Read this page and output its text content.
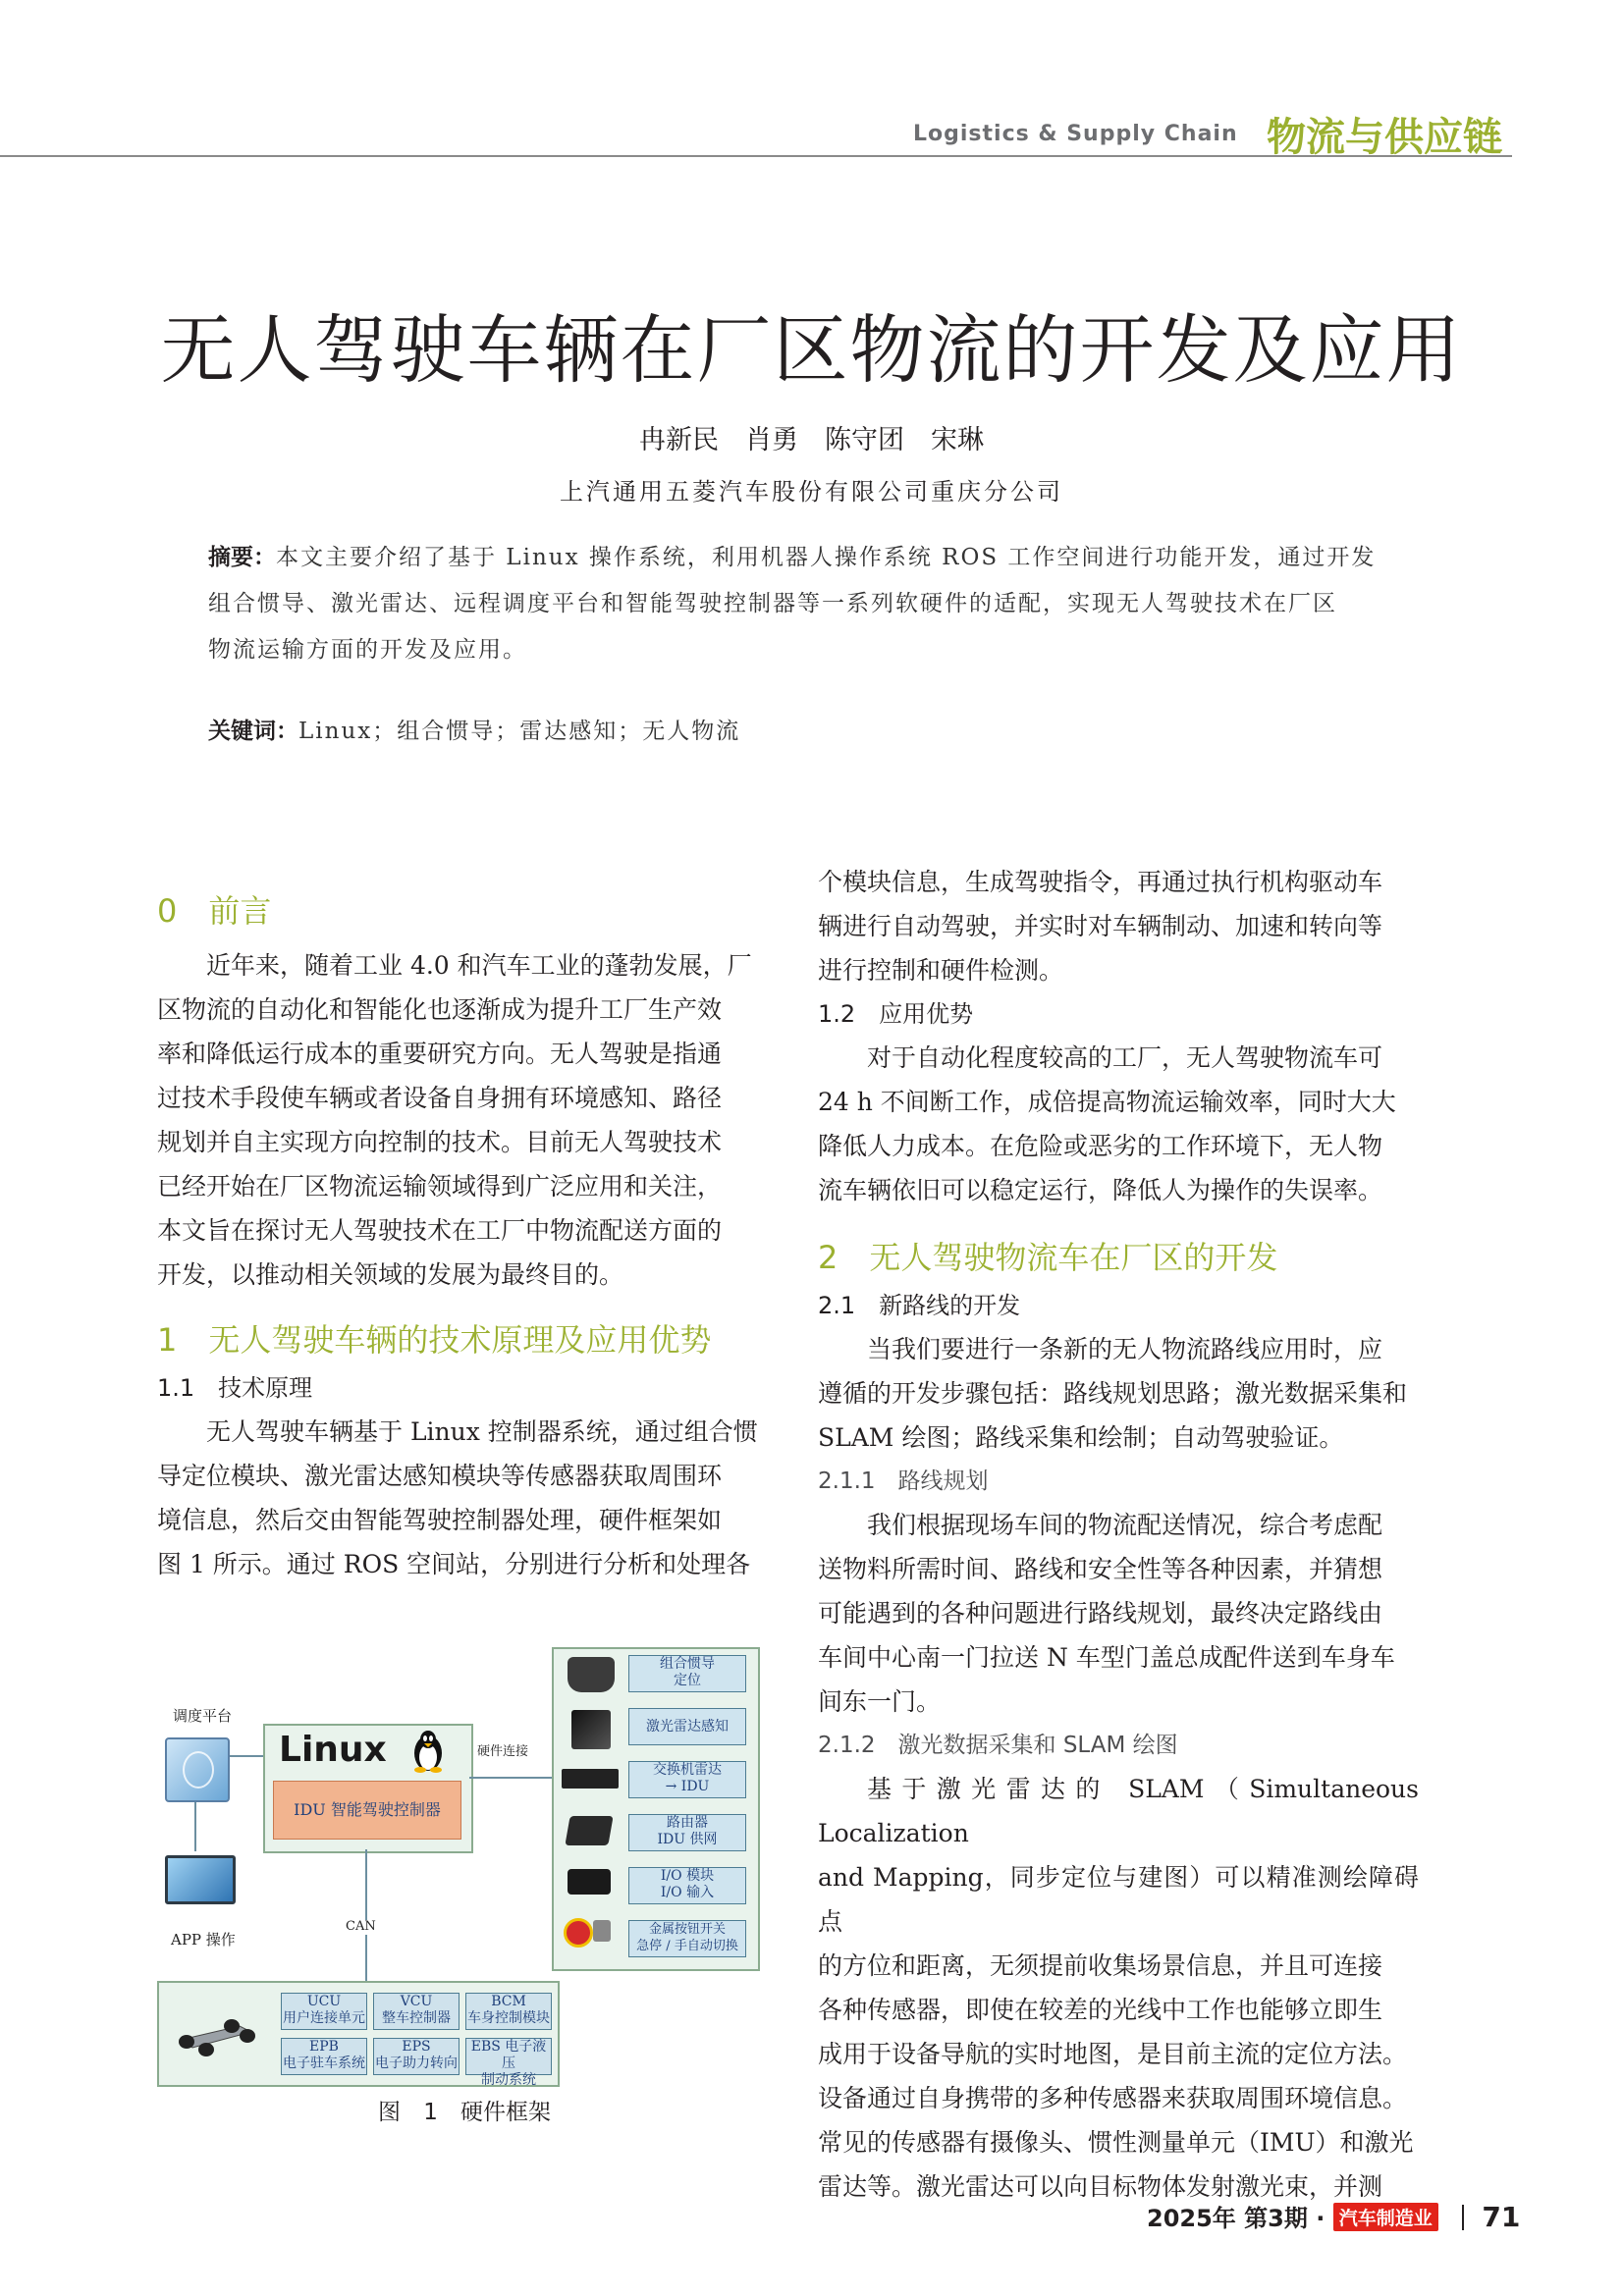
Logistics & Supply Chain 物流与供应链
无人驾驶车辆在厂区物流的开发及应用
冉新民　肖勇　陈守团　宋琳
上汽通用五菱汽车股份有限公司重庆分公司
摘要：本文主要介绍了基于 Linux 操作系统，利用机器人操作系统 ROS 工作空间进行功能开发，通过开发
组合惯导、激光雷达、远程调度平台和智能驾驶控制器等一系列软硬件的适配，实现无人驾驶技术在厂区
物流运输方面的开发及应用。
关键词：Linux；组合惯导；雷达感知；无人物流
0　前言

近年来，随着工业 4.0 和汽车工业的蓬勃发展，厂

区物流的自动化和智能化也逐渐成为提升工厂生产效

率和降低运行成本的重要研究方向。无人驾驶是指通

过技术手段使车辆或者设备自身拥有环境感知、路径

规划并自主实现方向控制的技术。目前无人驾驶技术

已经开始在厂区物流运输领域得到广泛应用和关注，

本文旨在探讨无人驾驶技术在工厂中物流配送方面的

开发，以推动相关领域的发展为最终目的。

1　无人驾驶车辆的技术原理及应用优势
1.1　技术原理

无人驾驶车辆基于 Linux 控制器系统，通过组合惯

导定位模块、激光雷达感知模块等传感器获取周围环

境信息，然后交由智能驾驶控制器处理，硬件框架如

图 1 所示。通过 ROS 空间站，分别进行分析和处理各

调度平台
APP 操作
Linux
IDU 智能驾驶控制器
硬件连接
组合惯导
定位
激光雷达感知
交换机雷达
→ IDU
路由器
IDU 供网
I/O 模块
I/O 输入
金属按钮开关
急停 / 手自动切换
CAN
UCU
用户连接单元
VCU
整车控制器
BCM
车身控制模块
EPB
电子驻车系统
EPS
电子助力转向
EBS 电子液压
制动系统
图 1　硬件框架

个模块信息，生成驾驶指令，再通过执行机构驱动车

辆进行自动驾驶，并实时对车辆制动、加速和转向等

进行控制和硬件检测。

1.2　应用优势

对于自动化程度较高的工厂，无人驾驶物流车可

24 h 不间断工作，成倍提高物流运输效率，同时大大

降低人力成本。在危险或恶劣的工作环境下，无人物

流车辆依旧可以稳定运行，降低人为操作的失误率。

2　无人驾驶物流车在厂区的开发
2.1　新路线的开发

当我们要进行一条新的无人物流路线应用时，应

遵循的开发步骤包括：路线规划思路；激光数据采集和

SLAM 绘图；路线采集和绘制；自动驾驶验证。

2.1.1　路线规划

我们根据现场车间的物流配送情况，综合考虑配

送物料所需时间、路线和安全性等各种因素，并猜想

可能遇到的各种问题进行路线规划，最终决定路线由

车间中心南一门拉送 N 车型门盖总成配件送到车身车

间东一门。

2.1.2　激光数据采集和 SLAM 绘图

基于激光雷达的 SLAM（Simultaneous Localization

and Mapping，同步定位与建图）可以精准测绘障碍点

的方位和距离，无须提前收集场景信息，并且可连接

各种传感器，即使在较差的光线中工作也能够立即生

成用于设备导航的实时地图，是目前主流的定位方法。

设备通过自身携带的多种传感器来获取周围环境信息。

常见的传感器有摄像头、惯性测量单元（IMU）和激光

雷达等。激光雷达可以向目标物体发射激光束，并测

2025年 第3期 · 汽车制造业 71
